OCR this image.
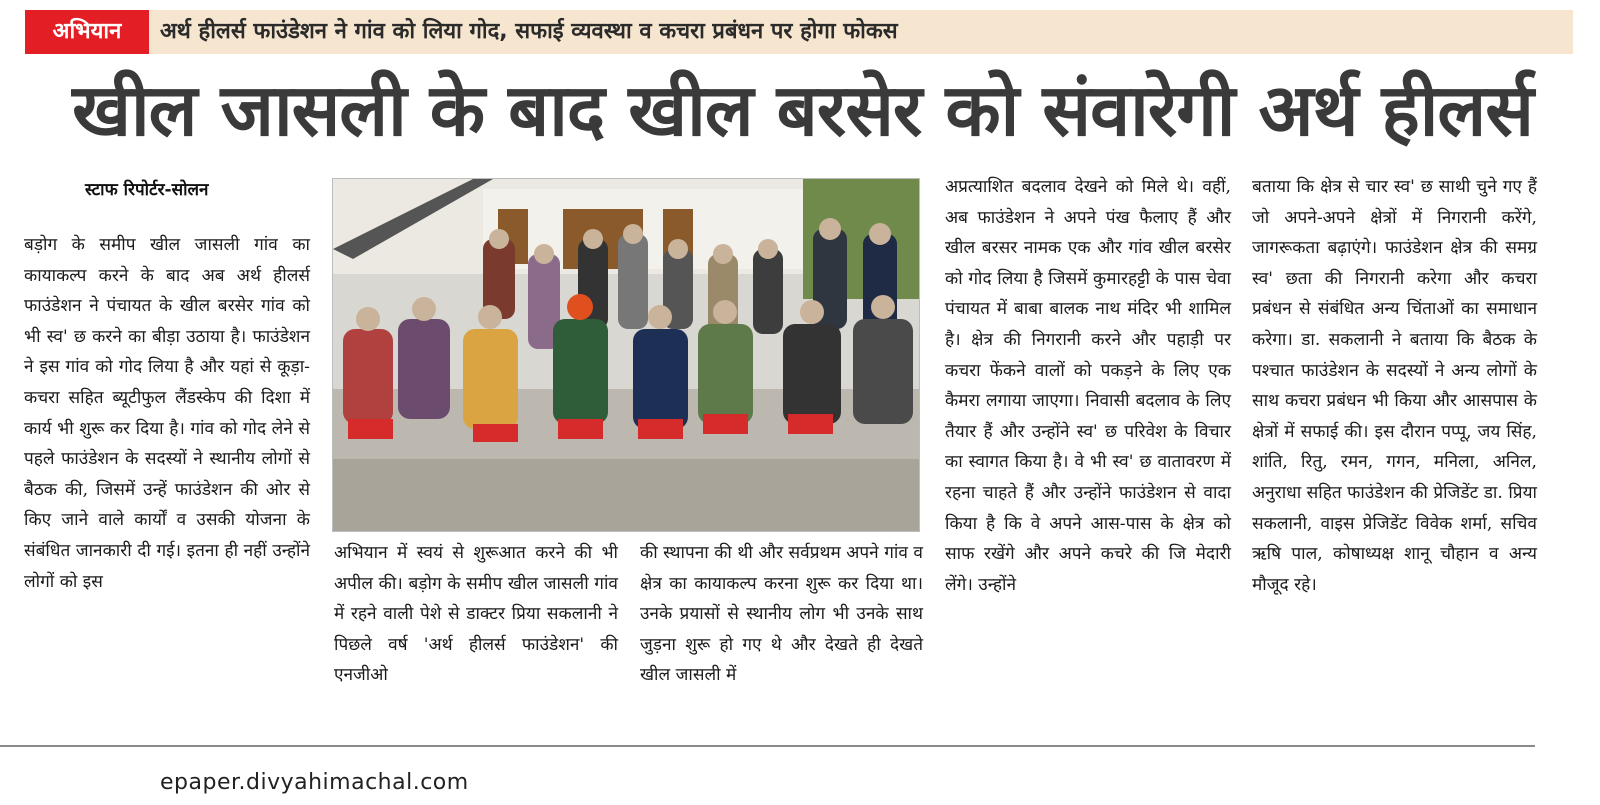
अभियान	अर्थ हीलर्स फाउंडेशन ने गांव को लिया गोद, सफाई व्यवस्था व कचरा प्रबंधन पर होगा फोकस
खील जासली के बाद खील बरसेर को संवारेगी अर्थ हीलर्स
स्टाफ रिपोर्टर-सोलन
बड़ोग के समीप खील जासली गांव का कायाकल्प करने के बाद अब अर्थ हीलर्स फाउंडेशन ने पंचायत के खील बरसेर गांव को भी स्व' छ करने का बीड़ा उठाया है। फाउंडेशन ने इस गांव को गोद लिया है और यहां से कूड़ा-कचरा सहित ब्यूटीफुल लैंडस्केप की दिशा में कार्य भी शुरू कर दिया है। गांव को गोद लेने से पहले फाउंडेशन के सदस्यों ने स्थानीय लोगों से बैठक की, जिसमें उन्हें फाउंडेशन की ओर से किए जाने वाले कार्यों व उसकी योजना के संबंधित जानकारी दी गई। इतना ही नहीं उन्होंने लोगों को इस
अभियान में स्वयं से शुरूआत करने की भी अपील की। बड़ोग के समीप खील जासली गांव में रहने वाली पेशे से डाक्टर प्रिया सकलानी ने पिछले वर्ष 'अर्थ हीलर्स फाउंडेशन' की एनजीओ
की स्थापना की थी और सर्वप्रथम अपने गांव व क्षेत्र का कायाकल्प करना शुरू कर दिया था। उनके प्रयासों से स्थानीय लोग भी उनके साथ जुड़ना शुरू हो गए थे और देखते ही देखते खील जासली में
अप्रत्याशित बदलाव देखने को मिले थे। वहीं, अब फाउंडेशन ने अपने पंख फैलाए हैं और खील बरसर नामक एक और गांव खील बरसेर को गोद लिया है जिसमें कुमारहट्टी के पास चेवा पंचायत में बाबा बालक नाथ मंदिर भी शामिल है। क्षेत्र की निगरानी करने और पहाड़ी पर कचरा फेंकने वालों को पकड़ने के लिए एक कैमरा लगाया जाएगा। निवासी बदलाव के लिए तैयार हैं और उन्होंने स्व' छ परिवेश के विचार का स्वागत किया है। वे भी स्व' छ वातावरण में रहना चाहते हैं और उन्होंने फाउंडेशन से वादा किया है कि वे अपने आस-पास के क्षेत्र को साफ रखेंगे और अपने कचरे की जि मेदारी लेंगे। उन्होंने
बताया कि क्षेत्र से चार स्व' छ साथी चुने गए हैं जो अपने-अपने क्षेत्रों में निगरानी करेंगे, जागरूकता बढ़ाएंगे। फाउंडेशन क्षेत्र की समग्र स्व' छता की निगरानी करेगा और कचरा प्रबंधन से संबंधित अन्य चिंताओं का समाधान करेगा। डा. सकलानी ने बताया कि बैठक के पश्चात फाउंडेशन के सदस्यों ने अन्य लोगों के साथ कचरा प्रबंधन भी किया और आसपास के क्षेत्रों में सफाई की। इस दौरान पप्पू, जय सिंह, शांति, रितु, रमन, गगन, मनिला, अनिल, अनुराधा सहित फाउंडेशन की प्रेजिडेंट डा. प्रिया सकलानी, वाइस प्रेजिडेंट विवेक शर्मा, सचिव ऋषि पाल, कोषाध्यक्ष शानू चौहान व अन्य मौजूद रहे।
epaper.divyahimachal.com
